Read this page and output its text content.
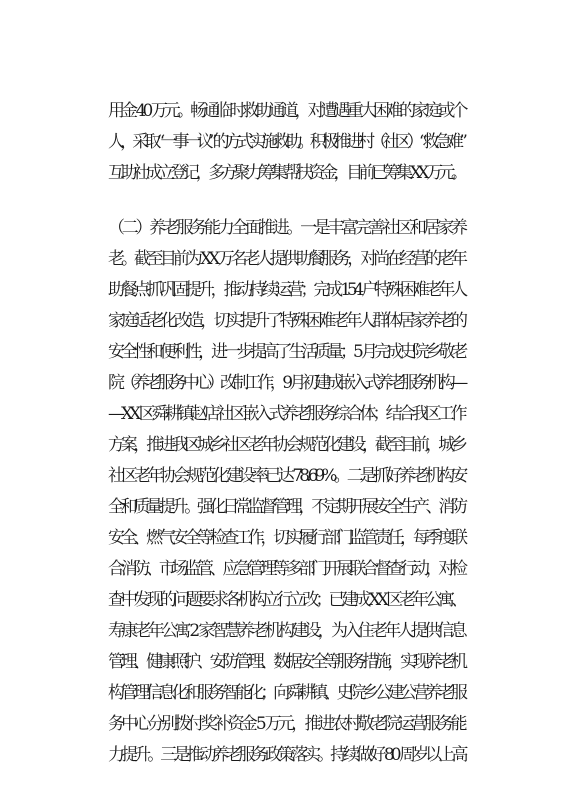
用金 40 万元。畅通临时救助通道，对遭遇重大困难的家庭或个
人，采取“一事一议”的方式实施救助。积极推进村（社区）“救急难”
互助社成立登记，多方聚力筹集帮扶资金，目前已筹集 XX 万元。
（二）养老服务能力全面推进。一是丰富完善社区和居家养
老。截至目前为 XX 万名老人提供助餐服务，对尚在经营的老年
助餐点抓巩固提升，推动持续运营；完成 154 户特殊困难老年人
家庭适老化改造，切实提升了特殊困难老年人群体居家养老的
安全性和便利性，进一步提高了生活质量；5 月完成史院乡敬老
院（养老服务中心）改制工作，9 月初建成嵌入式养老服务机构—
—XX 区舜耕镇赵店社区嵌入式养老服务综合体；结合我区工作
方案，推进我区城乡社区老年协会规范化建设，截至目前，城乡
社区老年协会规范化建设率已达 78.69%。二是抓好养老机构安
全和质量提升。强化日常监督管理，不定期开展安全生产、消防
安全、燃气安全等检查工作，切实履行部门监管责任，每季度联
合消防、市场监管、应急管理等多部门开展联合督查行动，对检
查中发现的问题要求各机构立行立改；已建成 XX 区老年公寓、
寿康老年公寓 2 家智慧养老机构建设，为入住老年人提供信息
管理、健康照护、安防管理、数据安全等服务措施，实现养老机
构管理信息化和服务智能化；向舜耕镇、史院乡公建公营养老服
务中心分别拨付奖补资金 5 万元，推进农村敬老院运营服务能
力提升。三是推动养老服务政策落实。持续做好 80 周岁以上高
